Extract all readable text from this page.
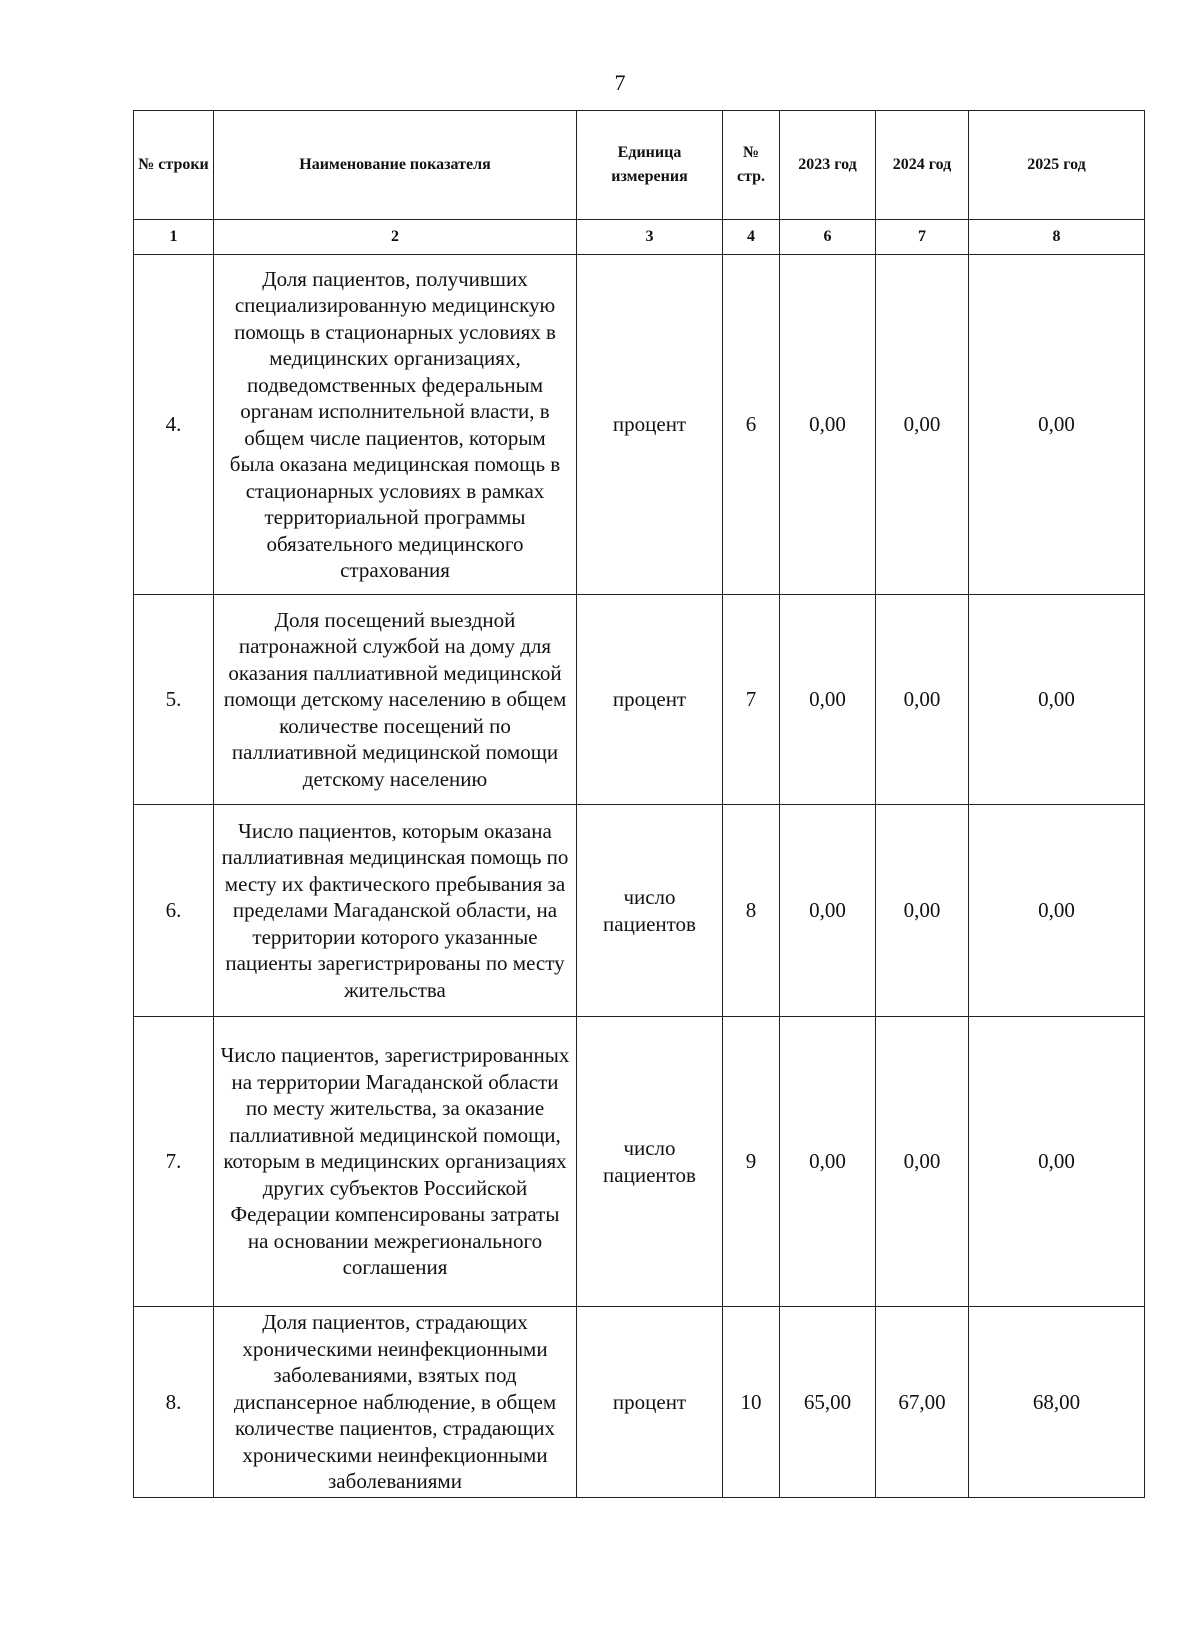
7
№ строки	Наименование показателя	Единица измерения	№ стр.	2023 год	2024 год	2025 год
1	2	3	4	6	7	8
4.	Доля пациентов, получивших специализированную медицинскую помощь в стационарных условиях в медицинских организациях, подведомственных федеральным органам исполнительной власти, в общем числе пациентов, которым была оказана медицинская помощь в стационарных условиях в рамках территориальной программы обязательного медицинского страхования	процент	6	0,00	0,00	0,00
5.	Доля посещений выездной патронажной службой на дому для оказания паллиативной медицинской помощи детскому населению в общем количестве посещений по паллиативной медицинской помощи детскому населению	процент	7	0,00	0,00	0,00
6.	Число пациентов, которым оказана паллиативная медицинская помощь по месту их фактического пребывания за пределами Магаданской области, на территории которого указанные пациенты зарегистрированы по месту жительства	число пациентов	8	0,00	0,00	0,00
7.	Число пациентов, зарегистрированных на территории Магаданской области по месту жительства, за оказание паллиативной медицинской помощи, которым в медицинских организациях других субъектов Российской Федерации компенсированы затраты на основании межрегионального соглашения	число пациентов	9	0,00	0,00	0,00
8.	Доля пациентов, страдающих хроническими неинфекционными заболеваниями, взятых под диспансерное наблюдение, в общем количестве пациентов, страдающих хроническими неинфекционными заболеваниями	процент	10	65,00	67,00	68,00
